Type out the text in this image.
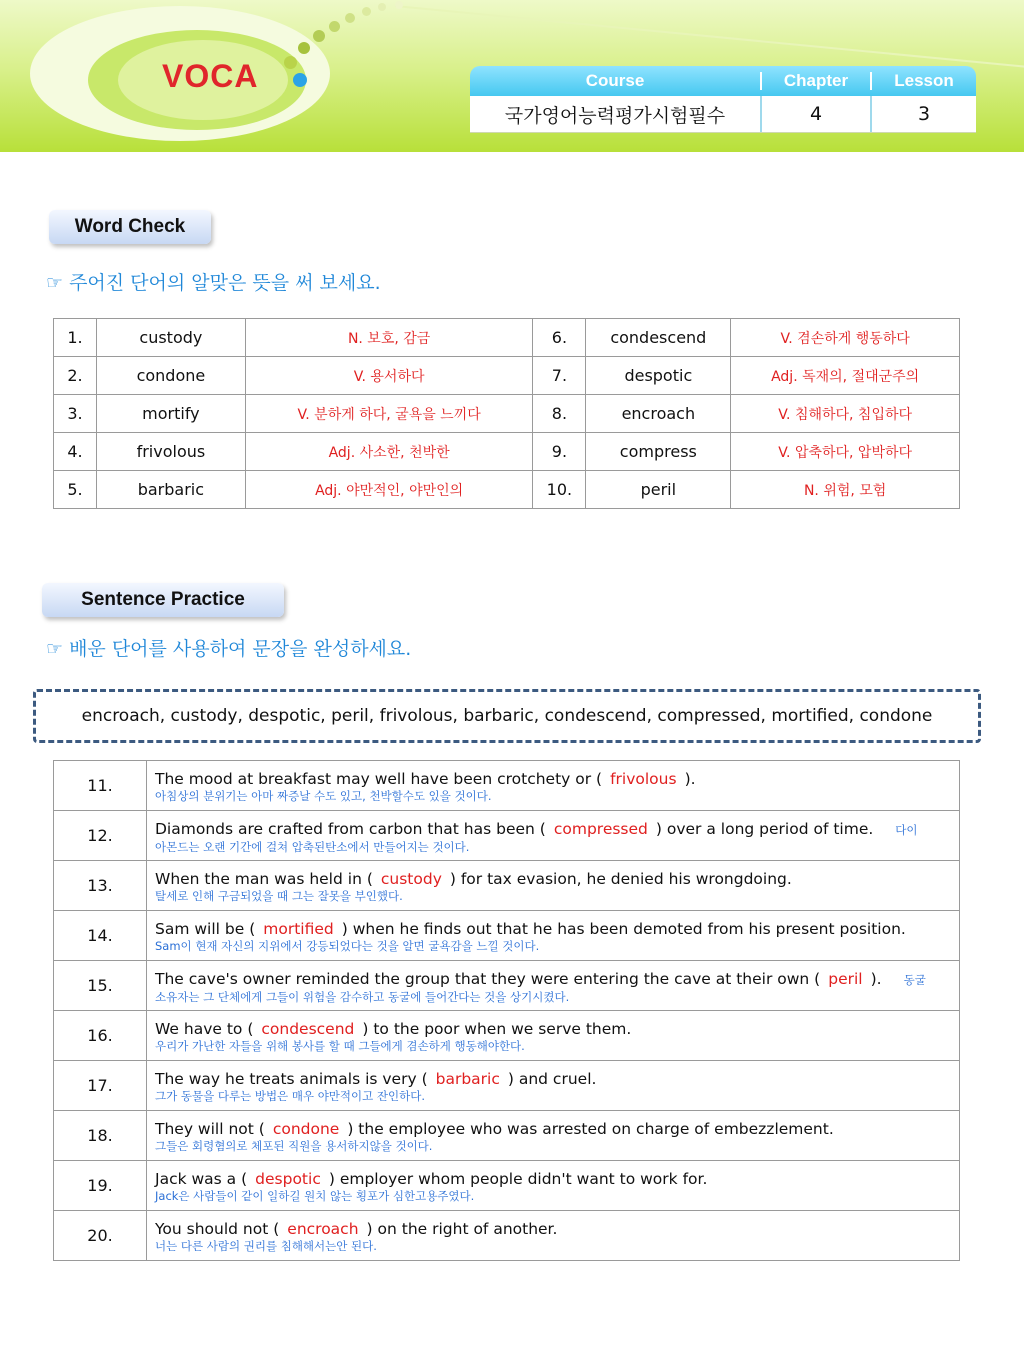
VOCA	Course	Chapter	Lesson
국가영어능력평가시험필수	4	3
Word Check
☞ 주어진 단어의 알맞은 뜻을 써 보세요.
1.	custody	N. 보호, 감금	6.	condescend	V. 겸손하게 행동하다
2.	condone	V. 용서하다	7.	despotic	Adj. 독재의, 절대군주의
3.	mortify	V. 분하게 하다, 굴욕을 느끼다	8.	encroach	V. 침해하다, 침입하다
4.	frivolous	Adj. 사소한, 천박한	9.	compress	V. 압축하다, 압박하다
5.	barbaric	Adj. 야만적인, 야만인의	10.	peril	N. 위험, 모험
Sentence Practice
☞ 배운 단어를 사용하여 문장을 완성하세요.
encroach, custody, despotic, peril, frivolous, barbaric, condescend, compressed, mortified, condone
11.	The mood at breakfast may well have been crotchety or ( frivolous ).
아침상의 분위기는 아마 짜증날 수도 있고, 천박할수도 있을 것이다.

12.	Diamonds are crafted from carbon that has been ( compressed ) over a long period of time. 다이
아몬드는 오랜 기간에 걸쳐 압축된탄소에서 만들어지는 것이다.

13.	When the man was held in ( custody ) for tax evasion, he denied his wrongdoing.
탈세로 인해 구금되었을 때 그는 잘못을 부인했다.

14.	Sam will be ( mortified ) when he finds out that he has been demoted from his present position.
Sam이 현재 자신의 지위에서 강등되었다는 것을 알면 굴욕감을 느낄 것이다.

15.	The cave's owner reminded the group that they were entering the cave at their own ( peril ). 동굴
소유자는 그 단체에게 그들이 위험을 감수하고 동굴에 들어간다는 것을 상기시켰다.

16.	We have to ( condescend ) to the poor when we serve them.
우리가 가난한 자들을 위해 봉사를 할 때 그들에게 겸손하게 행동해야한다.

17.	The way he treats animals is very ( barbaric ) and cruel.
그가 동물을 다루는 방법은 매우 야만적이고 잔인하다.

18.	They will not ( condone ) the employee who was arrested on charge of embezzlement.
그들은 회령혐의로 체포된 직원을 용서하지않을 것이다.

19.	Jack was a ( despotic ) employer whom people didn't want to work for.
Jack은 사람들이 같이 일하길 원치 않는 횡포가 심한고용주였다.

20.	You should not ( encroach ) on the right of another.
너는 다른 사람의 권리를 침해해서는안 된다.
